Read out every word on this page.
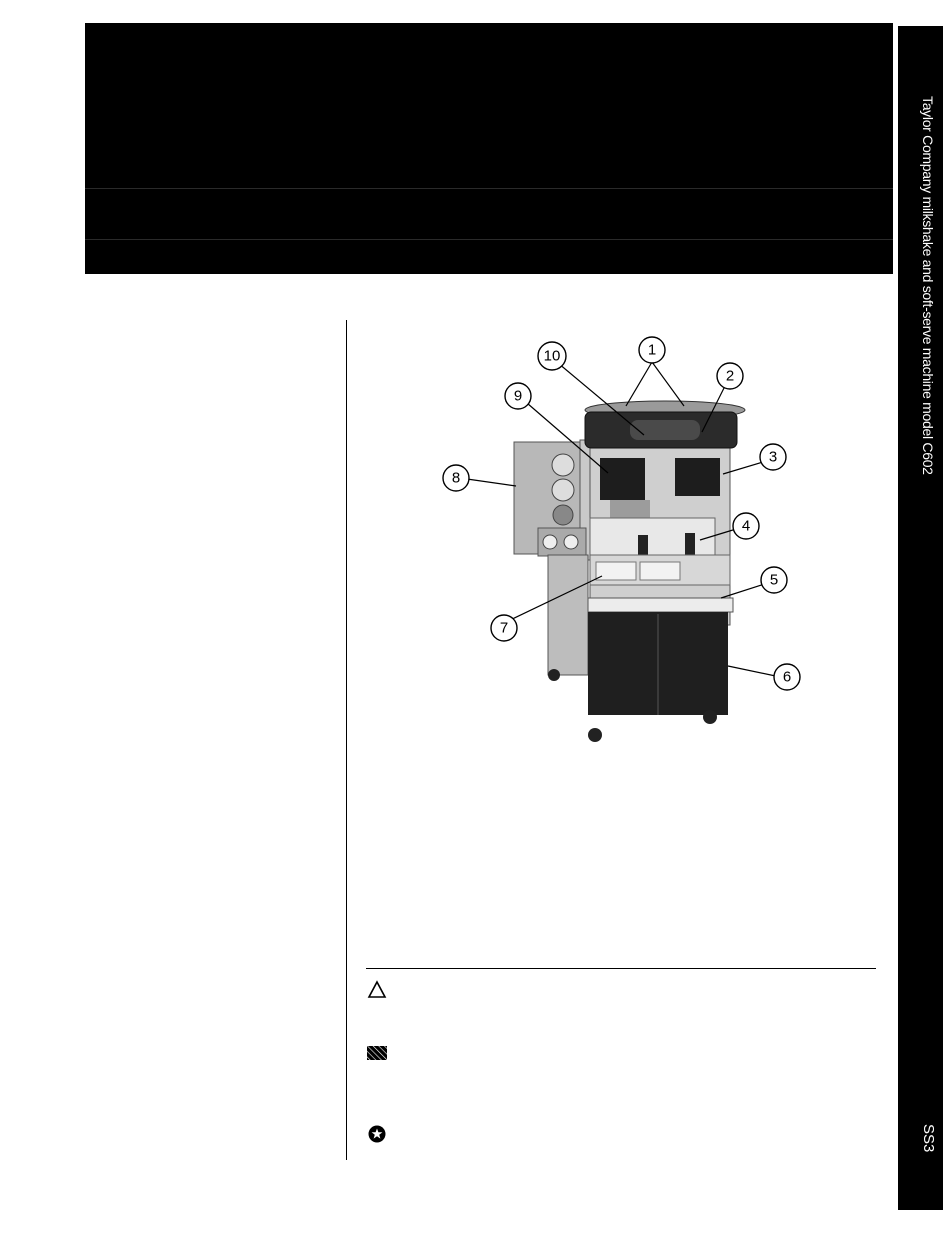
Taylor Company milkshake and soft-serve machine model C602
SS3
1
2
3
4
5
6
7
8
9
10
